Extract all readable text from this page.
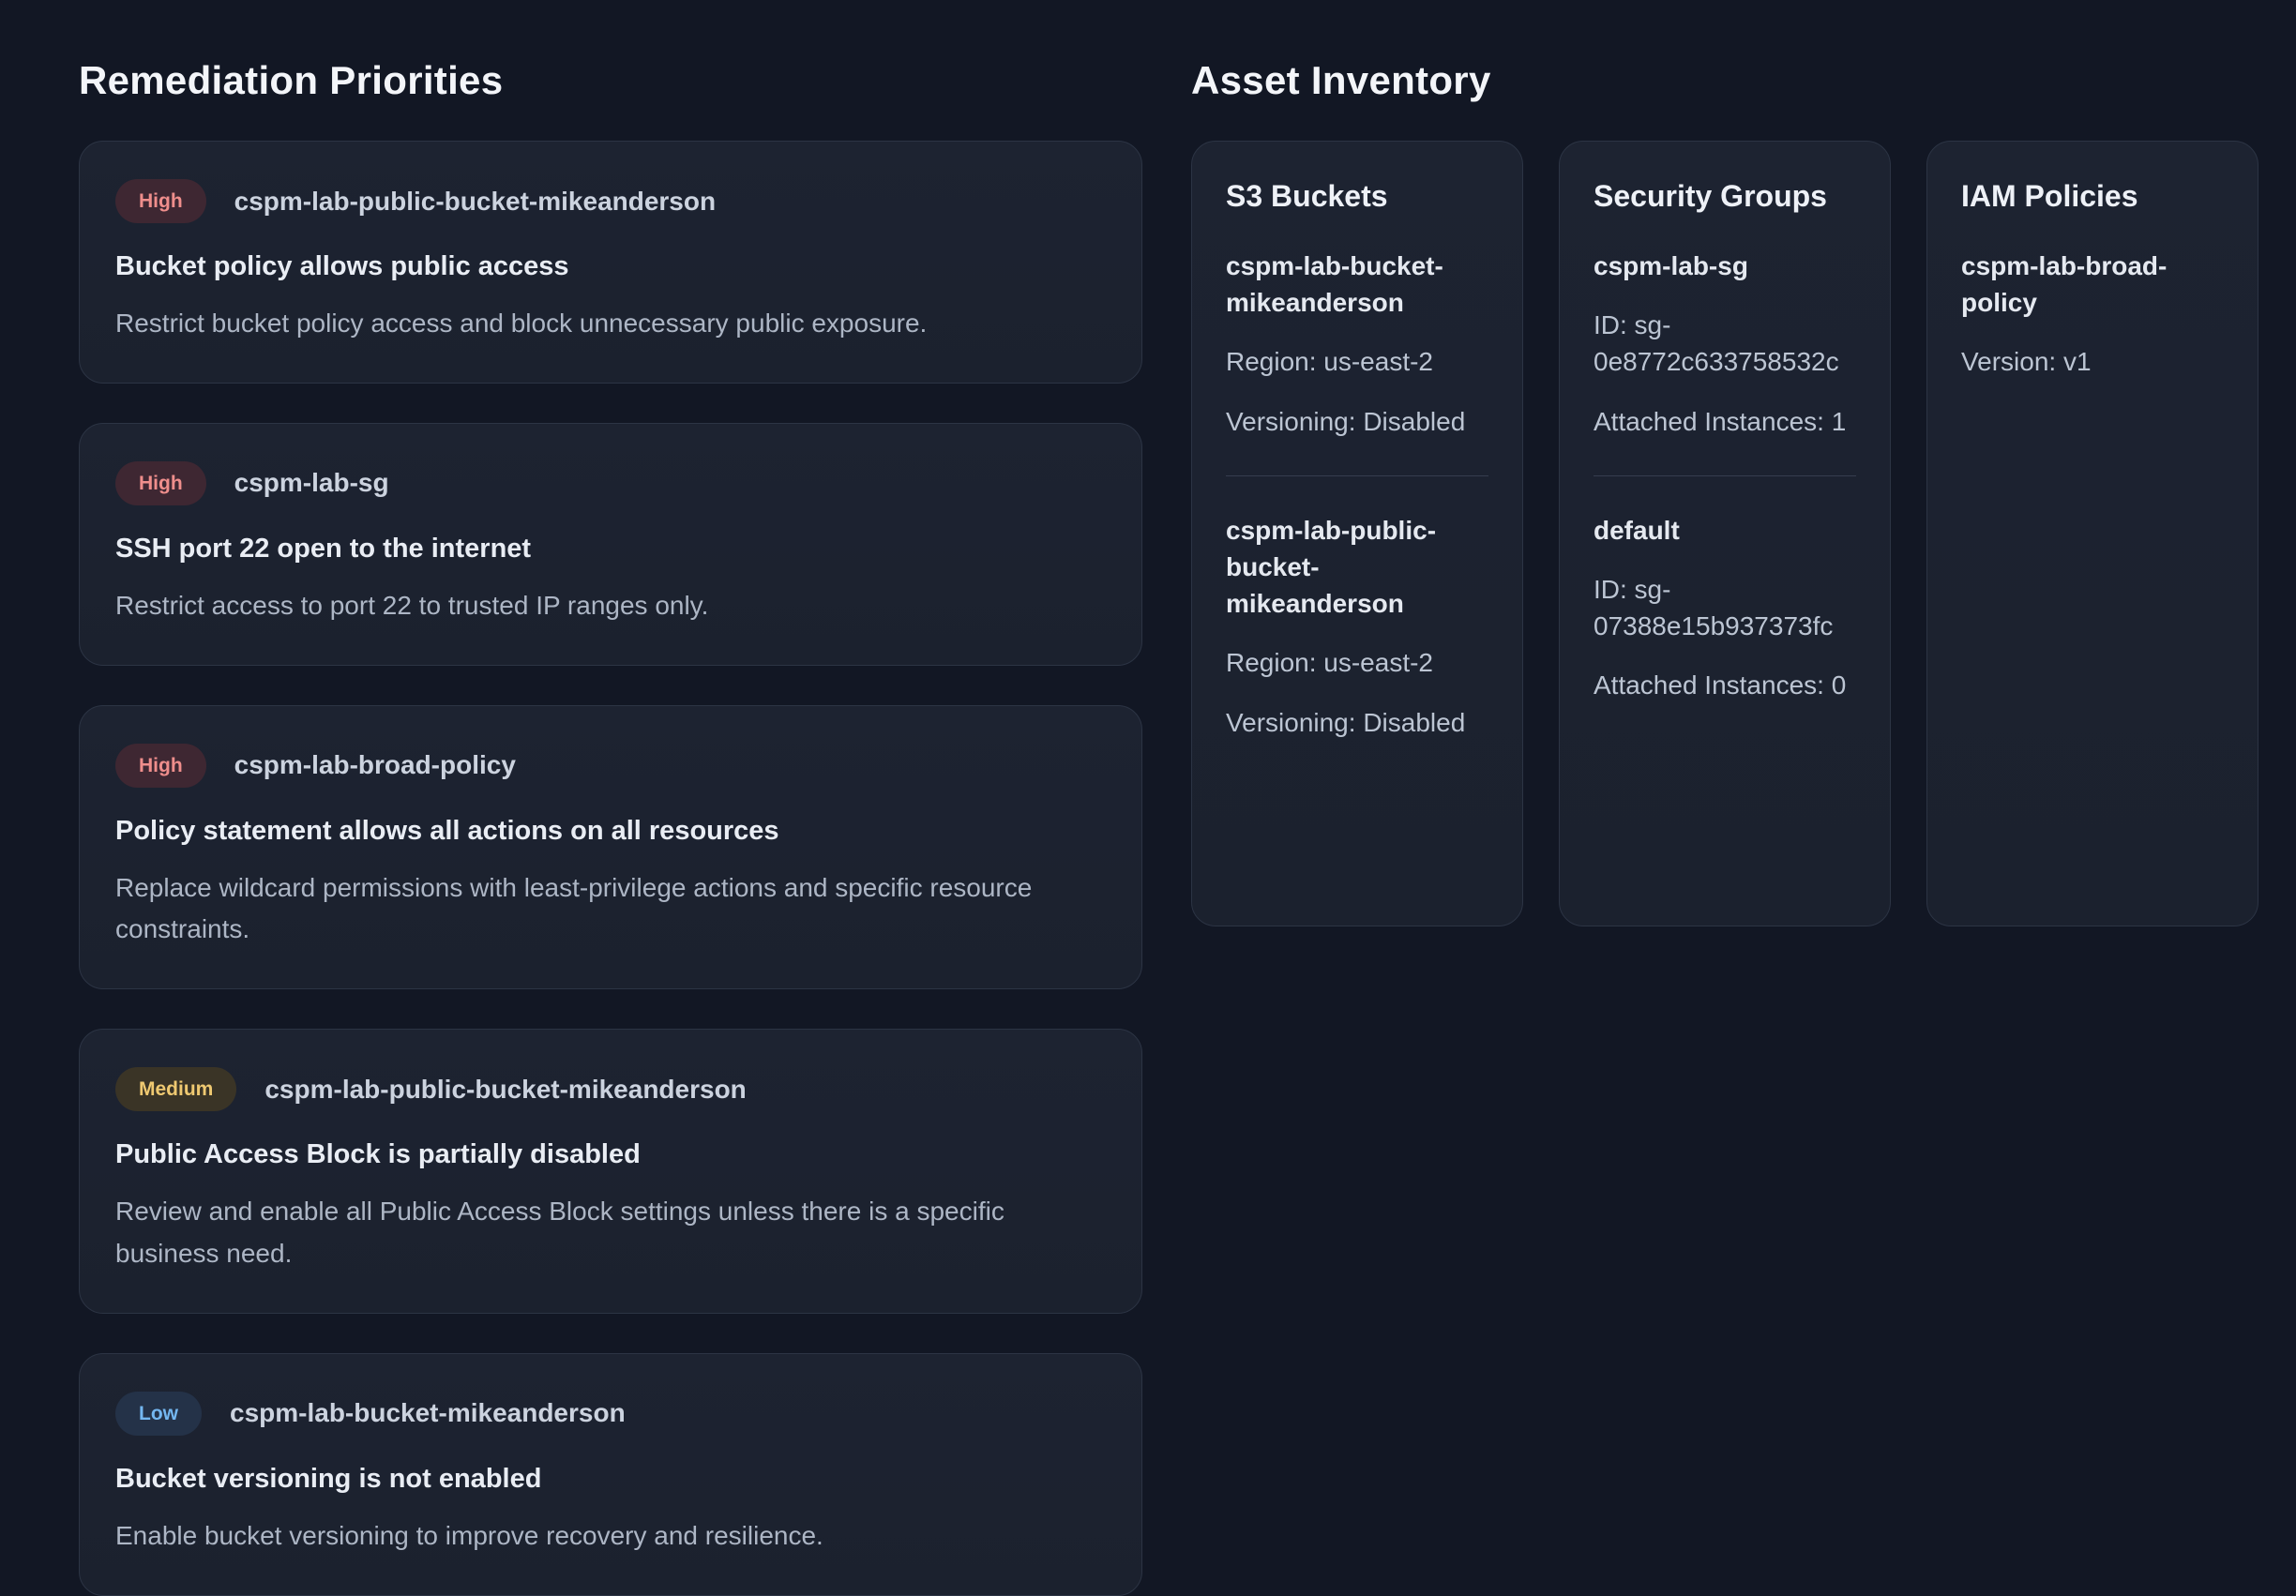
Remediation Priorities
High	cspm-lab-public-bucket-mikeanderson
Bucket policy allows public access

Restrict bucket policy access and block unnecessary public exposure.

High	cspm-lab-sg
SSH port 22 open to the internet

Restrict access to port 22 to trusted IP ranges only.

High	cspm-lab-broad-policy
Policy statement allows all actions on all resources

Replace wildcard permissions with least-privilege actions and specific resource constraints.

Medium	cspm-lab-public-bucket-mikeanderson
Public Access Block is partially disabled

Review and enable all Public Access Block settings unless there is a specific business need.

Low	cspm-lab-bucket-mikeanderson
Bucket versioning is not enabled

Enable bucket versioning to improve recovery and resilience.

Asset Inventory
S3 Buckets
cspm-lab-bucket-mikeanderson

Region: us-east-2

Versioning: Disabled

cspm-lab-public-bucket-mikeanderson

Region: us-east-2

Versioning: Disabled

Security Groups
cspm-lab-sg

ID: sg-0e8772c633758532c

Attached Instances: 1

default

ID: sg-07388e15b937373fc

Attached Instances: 0

IAM Policies
cspm-lab-broad-policy

Version: v1
